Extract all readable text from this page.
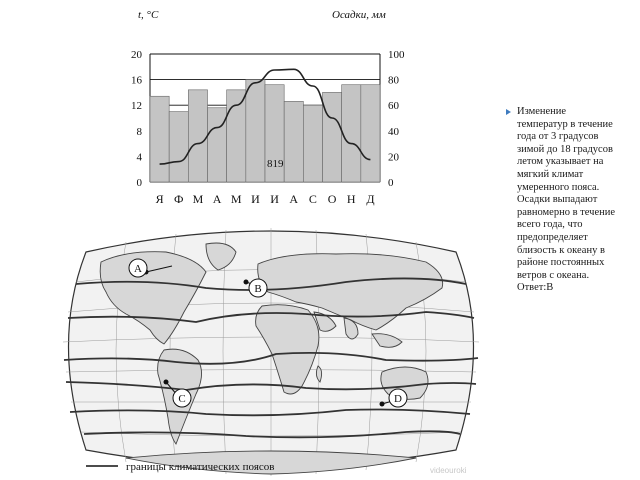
t, °С	Осадки, мм
0
4
8
12
16
20
0
20
40
60
80
100
Я Ф М А М И И А С О Н Д
819
A
B
C	D
границы климатических поясов
Изменение температур в течение года от 3 градусов зимой до 18 градусов летом указывает на мягкий климат умеренного пояса. Осадки выпадают равномерно в течение всего года, что предопределяет близость к океану в районе постоянных ветров с океана.
Ответ:В
videouroki
